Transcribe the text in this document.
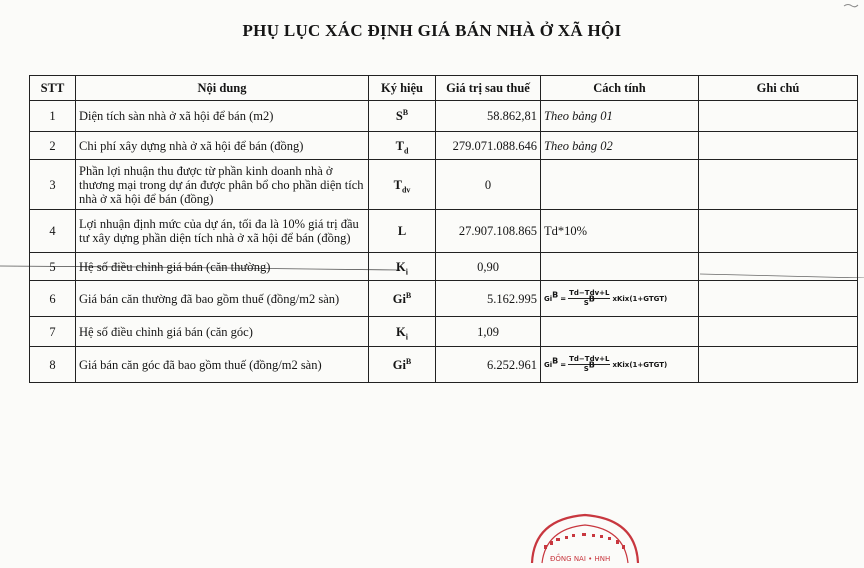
PHỤ LỤC XÁC ĐỊNH GIÁ BÁN NHÀ Ở XÃ HỘI
STT	Nội dung	Ký hiệu	Giá trị sau thuế	Cách tính	Ghi chú
1	Diện tích sàn nhà ở xã hội để bán (m2)	$S^B$	58.862,81	Theo bảng 01	
2	Chi phí xây dựng nhà ở xã hội để bán (đồng)	$T_d$	279.071.088.646	Theo bảng 02	
3	Phần lợi nhuận thu được từ phần kinh doanh nhà ở thương mại trong dự án được phân bổ cho phần diện tích nhà ở xã hội để bán (đồng)	$T_{dv}$	0		
4	Lợi nhuận định mức của dự án, tối đa là 10% giá trị đầu tư xây dựng phần diện tích nhà ở xã hội để bán (đồng)	L	27.907.108.865	Td*10%	
5	Hệ số điều chỉnh giá bán (căn thường)	$K_i$	0,90		
6	Giá bán căn thường đã bao gồm thuế (đồng/m2 sàn)	$Gi^B$	5.162.995	$Gi^B = \frac{\text{Td−Tdv+L}}{S^B}$ xKix(1+GTGT)	

7	Hệ số điều chỉnh giá bán (căn góc)	$K_i$	1,09		
8	Giá bán căn góc đã bao gồm thuế (đồng/m2 sàn)	$Gi^B$	6.252.961	$Gi^B = \frac{\text{Td−Tdv+L}}{S^B}$ xKix(1+GTGT)	

ĐỒNG NAI • HNH
